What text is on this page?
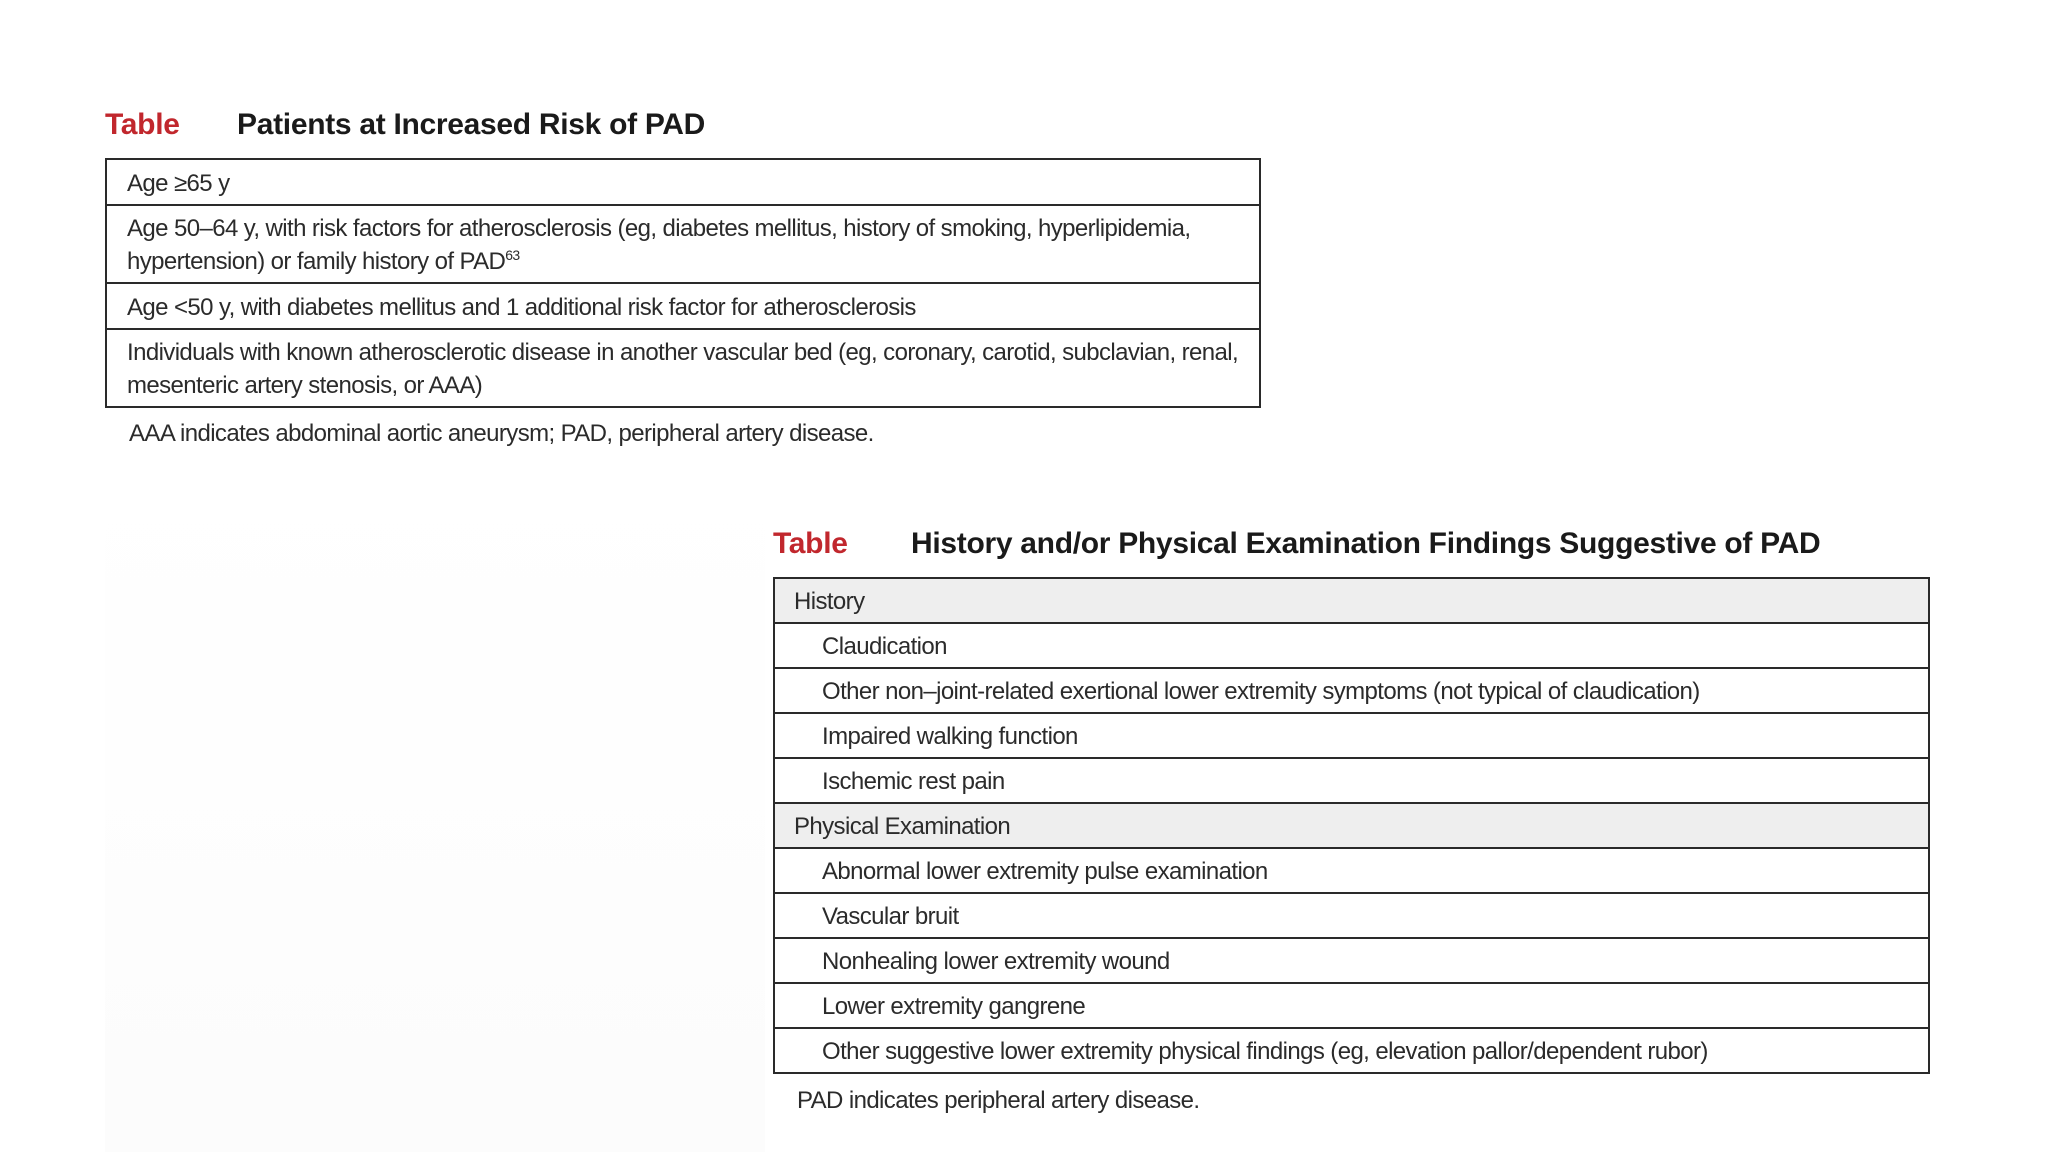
Table	Patients at Increased Risk of PAD
Age ≥65 y
Age 50–64 y, with risk factors for atherosclerosis (eg, diabetes mellitus, history of smoking, hyperlipidemia, hypertension) or family history of PAD$^{63}$
Age <50 y, with diabetes mellitus and 1 additional risk factor for atherosclerosis
Individuals with known atherosclerotic disease in another vascular bed (eg, coronary, carotid, subclavian, renal, mesenteric artery stenosis, or AAA)
AAA indicates abdominal aortic aneurysm; PAD, peripheral artery disease.
Table	History and/or Physical Examination Findings Suggestive of PAD
History
Claudication
Other non–joint-related exertional lower extremity symptoms (not typical of claudication)
Impaired walking function
Ischemic rest pain
Physical Examination
Abnormal lower extremity pulse examination
Vascular bruit
Nonhealing lower extremity wound
Lower extremity gangrene
Other suggestive lower extremity physical findings (eg, elevation pallor/dependent rubor)
PAD indicates peripheral artery disease.
